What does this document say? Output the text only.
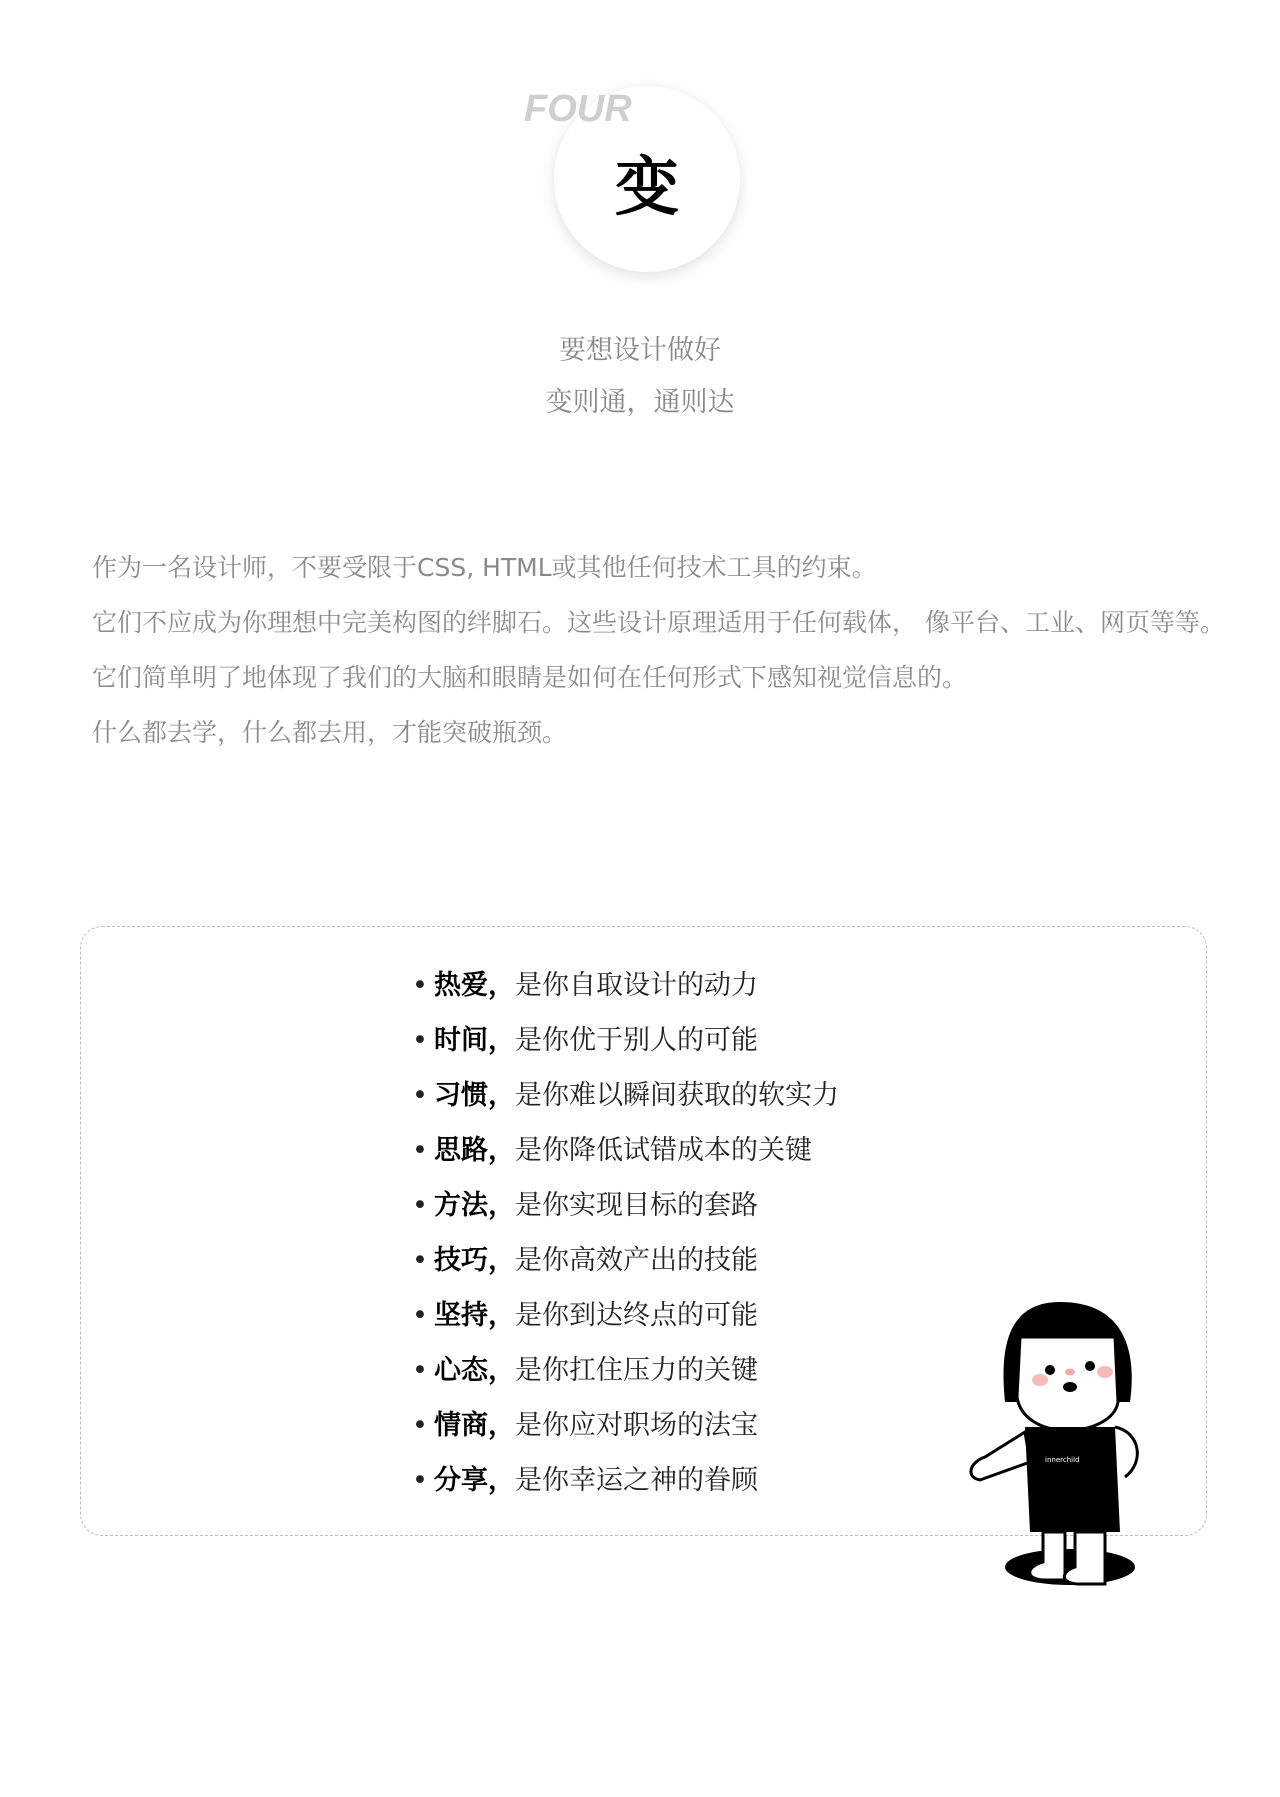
FOUR
变
要想设计做好
变则通，通则达
作为一名设计师，不要受限于CSS, HTML或其他任何技术工具的约束。
它们不应成为你理想中完美构图的绊脚石。这些设计原理适用于任何载体， 像平台、工业、网页等等。
它们简单明了地体现了我们的大脑和眼睛是如何在任何形式下感知视觉信息的。
什么都去学，什么都去用，才能突破瓶颈。
• 热爱，是你自取设计的动力
• 时间，是你优于别人的可能
• 习惯，是你难以瞬间获取的软实力
• 思路，是你降低试错成本的关键
• 方法，是你实现目标的套路
• 技巧，是你高效产出的技能
• 坚持，是你到达终点的可能
• 心态，是你扛住压力的关键
• 情商，是你应对职场的法宝
• 分享，是你幸运之神的眷顾
innerchild
